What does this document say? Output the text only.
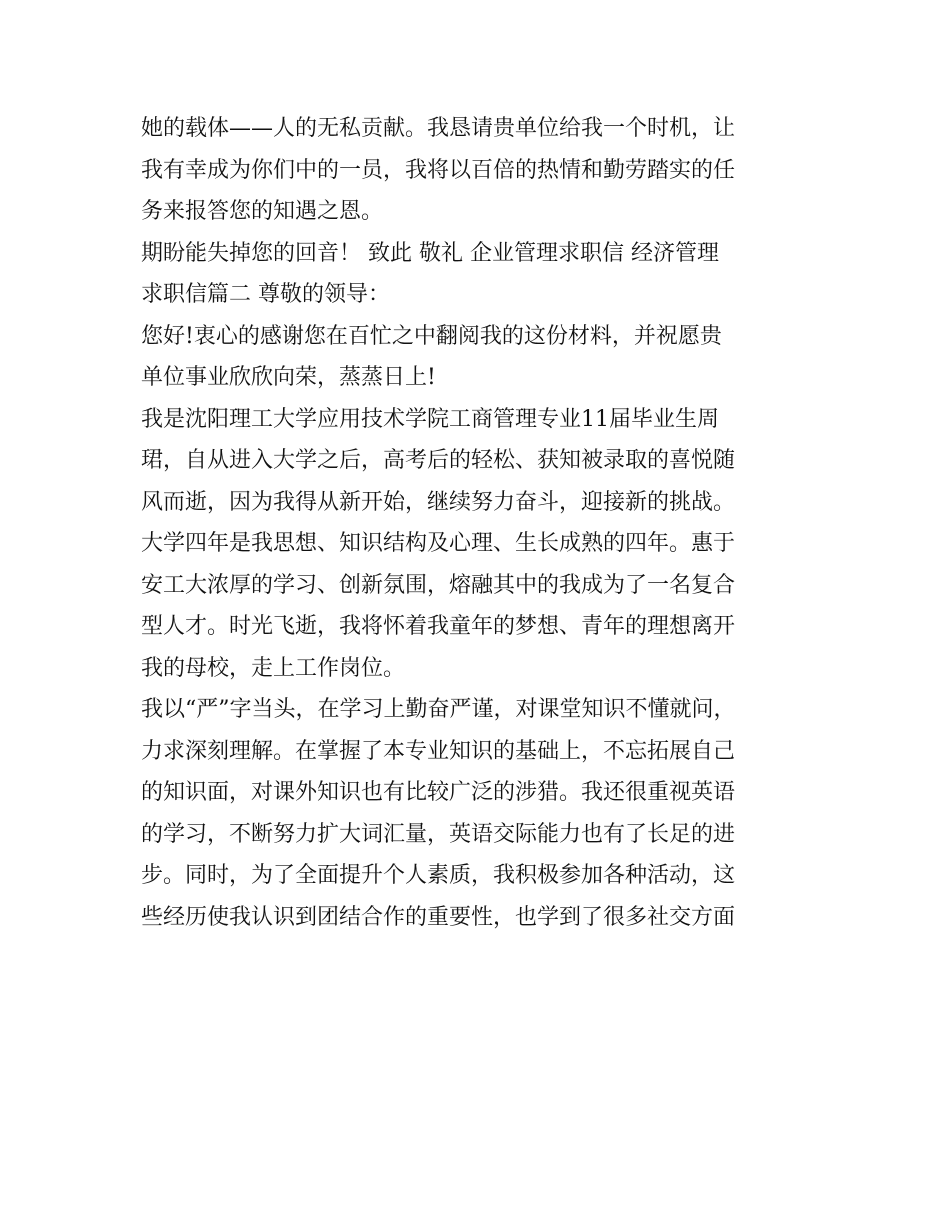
她的载体——人的无私贡献。我恳请贵单位给我一个时机，让
我有幸成为你们中的一员，我将以百倍的热情和勤劳踏实的任
务来报答您的知遇之恩。
期盼能失掉您的回音！ 致此 敬礼 企业管理求职信 经济管理
求职信篇二 尊敬的领导：
您好!衷心的感谢您在百忙之中翻阅我的这份材料，并祝愿贵
单位事业欣欣向荣，蒸蒸日上!
我是沈阳理工大学应用技术学院工商管理专业11届毕业生周
珺，自从进入大学之后，高考后的轻松、获知被录取的喜悦随
风而逝，因为我得从新开始，继续努力奋斗，迎接新的挑战。
大学四年是我思想、知识结构及心理、生长成熟的四年。惠于
安工大浓厚的学习、创新氛围，熔融其中的我成为了一名复合
型人才。时光飞逝，我将怀着我童年的梦想、青年的理想离开
我的母校，走上工作岗位。
我以“严”字当头，在学习上勤奋严谨，对课堂知识不懂就问，
力求深刻理解。在掌握了本专业知识的基础上，不忘拓展自己
的知识面，对课外知识也有比较广泛的涉猎。我还很重视英语
的学习，不断努力扩大词汇量，英语交际能力也有了长足的进
步。同时，为了全面提升个人素质，我积极参加各种活动，这
些经历使我认识到团结合作的重要性，也学到了很多社交方面
